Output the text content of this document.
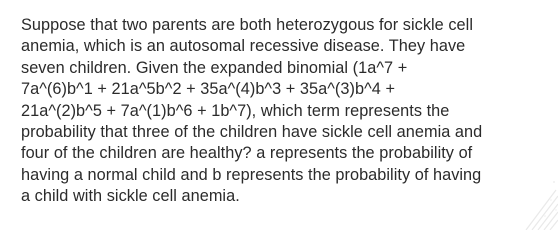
Suppose that two parents are both heterozygous for sickle cell
anemia, which is an autosomal recessive disease. They have
seven children. Given the expanded binomial (1a^7 +
7a^(6)b^1 + 21a^5b^2 + 35a^(4)b^3 + 35a^(3)b^4 +
21a^(2)b^5 + 7a^(1)b^6 + 1b^7), which term represents the
probability that three of the children have sickle cell anemia and
four of the children are healthy? a represents the probability of
having a normal child and b represents the probability of having
a child with sickle cell anemia.
